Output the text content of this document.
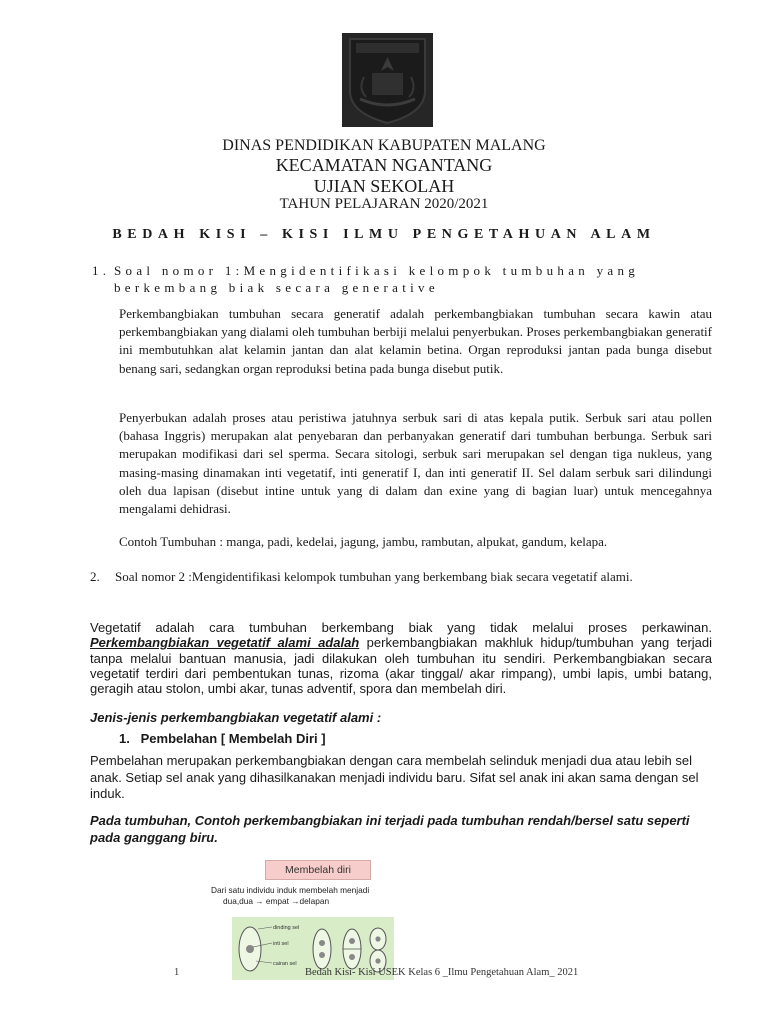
DINAS PENDIDIKAN KABUPATEN MALANG
KECAMATAN NGANTANG
UJIAN SEKOLAH
TAHUN PELAJARAN 2020/2021
BEDAH KISI – KISI ILMU PENGETAHUAN ALAM
1. Soal nomor 1:Mengidentifikasi kelompok tumbuhan yang
berkembang biak secara generative

Perkembangbiakan tumbuhan secara generatif adalah perkembangbiakan tumbuhan secara kawin atau perkembangbiakan yang dialami oleh tumbuhan berbiji melalui penyerbukan. Proses perkembangbiakan generatif ini membutuhkan alat kelamin jantan dan alat kelamin betina. Organ reproduksi jantan pada bunga disebut benang sari, sedangkan organ reproduksi betina pada bunga disebut putik.

Penyerbukan adalah proses atau peristiwa jatuhnya serbuk sari di atas kepala putik. Serbuk sari atau pollen (bahasa Inggris) merupakan alat penyebaran dan perbanyakan generatif dari tumbuhan berbunga. Serbuk sari merupakan modifikasi dari sel sperma. Secara sitologi, serbuk sari merupakan sel dengan tiga nukleus, yang masing-masing dinamakan inti vegetatif, inti generatif I, dan inti generatif II. Sel dalam serbuk sari dilindungi oleh dua lapisan (disebut intine untuk yang di dalam dan exine yang di bagian luar) untuk mencegahnya mengalami dehidrasi.

Contoh Tumbuhan : manga, padi, kedelai, jagung, jambu, rambutan, alpukat, gandum, kelapa.

2. Soal nomor 2 :Mengidentifikasi kelompok tumbuhan yang berkembang biak secara vegetatif alami.

Vegetatif adalah cara tumbuhan berkembang biak yang tidak melalui proses perkawinan. Perkembangbiakan vegetatif alami adalah perkembangbiakan makhluk hidup/tumbuhan yang terjadi tanpa melalui bantuan manusia, jadi dilakukan oleh tumbuhan itu sendiri. Perkembangbiakan secara vegetatif terdiri dari pembentukan tunas, rizoma (akar tinggal/ akar rimpang), umbi lapis, umbi batang, geragih atau stolon, umbi akar, tunas adventif, spora dan membelah diri.

Jenis-jenis perkembangbiakan vegetatif alami :

1. Pembelahan [ Membelah Diri ]

Pembelahan merupakan perkembangbiakan dengan cara membelah selinduk menjadi dua atau lebih sel anak. Setiap sel anak yang dihasilkanakan menjadi individu baru. Sifat sel anak ini akan sama dengan sel induk.

Pada tumbuhan, Contoh perkembangbiakan ini terjadi pada tumbuhan rendah/bersel satu seperti pada ganggang biru.

Membelah diri

Dari satu individu induk membelah menjadi
dua,dua → empat →delapan

dinding sel
inti sel
cairan sel
1	Bedah Kisi- Kisi USEK Kelas 6 _Ilmu Pengetahuan Alam_ 2021
